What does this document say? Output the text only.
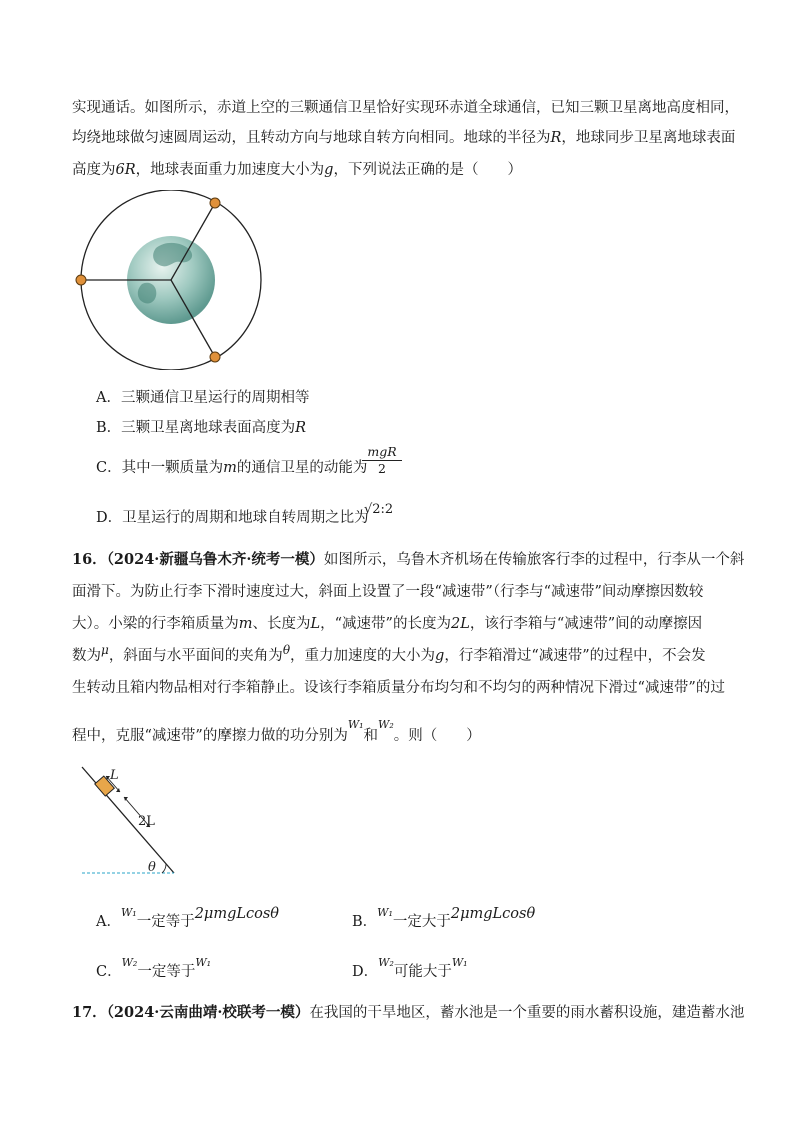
实现通话。如图所示，赤道上空的三颗通信卫星恰好实现环赤道全球通信，已知三颗卫星离地高度相同，
均绕地球做匀速圆周运动，且转动方向与地球自转方向相同。地球的半径为R，地球同步卫星离地球表面
高度为6R，地球表面重力加速度大小为g，下列说法正确的是（　　）
A．三颗通信卫星运行的周期相等
B．三颗卫星离地球表面高度为R
C．其中一颗质量为m的通信卫星的动能为
mgR
2
D．卫星运行的周期和地球自转周期之比为
√2:2
16．（2024·新疆乌鲁木齐·统考一模）如图所示，乌鲁木齐机场在传输旅客行李的过程中，行李从一个斜
面滑下。为防止行李下滑时速度过大，斜面上设置了一段“减速带”（行李与“减速带”间动摩擦因数较
大）。小梁的行李箱质量为m、长度为L，“减速带”的长度为2L，该行李箱与“减速带”间的动摩擦因
数为$^\mu$，斜面与水平面间的夹角为$^\theta$，重力加速度的大小为g，行李箱滑过“减速带”的过程中，不会发
生转动且箱内物品相对行李箱静止。设该行李箱质量分布均匀和不均匀的两种情况下滑过“减速带”的过
程中，克服“减速带”的摩擦力做的功分别为$^{W_1}$和$^{W_2}$。则（　　）
L
2L
θ
A．$^{W_1}$一定等于2μmgLcosθ	B．$^{W_1}$一定大于2μmgLcosθ
C．$^{W_2}$一定等于$^{W_1}$
D．$^{W_2}$可能大于$^{W_1}$
17．（2024·云南曲靖·校联考一模）在我国的干旱地区，蓄水池是一个重要的雨水蓄积设施，建造蓄水池
